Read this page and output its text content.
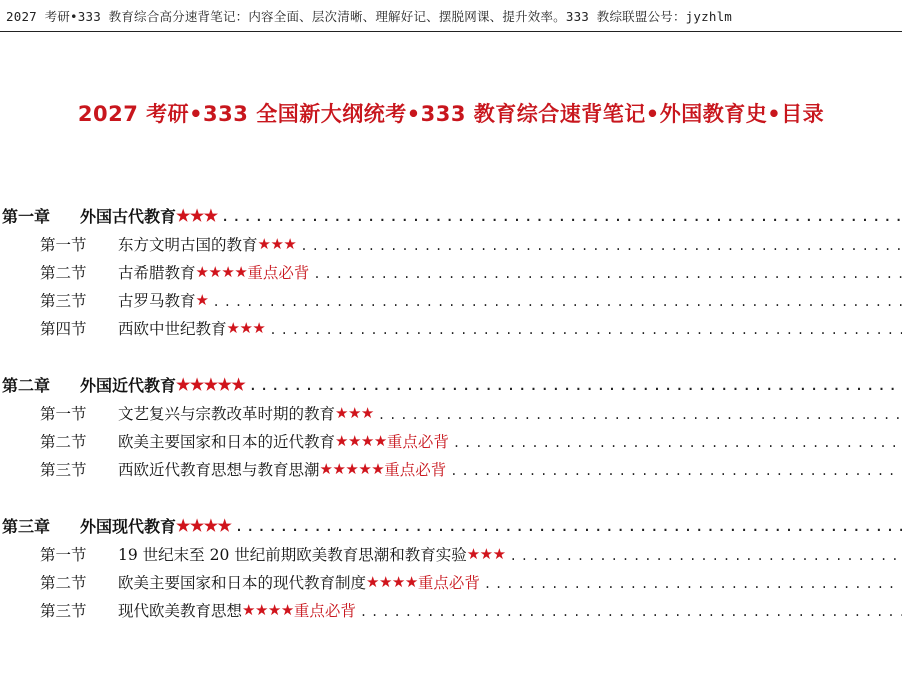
2027 考研•333 教育综合高分速背笔记：内容全面、层次清晰、理解好记、摆脱网课、提升效率。333 教综联盟公号：jyzhlm
2027 考研•333 全国新大纲统考•333 教育综合速背笔记•外国教育史•目录
第一章	外国古代教育 ★★★
.....
第一节	东方文明古国的教育 ★★★
.....
第二节	古希腊教育 ★★★★ 重点必背
.....
第三节	古罗马教育 ★
.....
第四节	西欧中世纪教育 ★★★
.....
第二章	外国近代教育 ★★★★★
.....
第一节	文艺复兴与宗教改革时期的教育 ★★★
.....
第二节	欧美主要国家和日本的近代教育 ★★★★ 重点必背
.....
第三节	西欧近代教育思想与教育思潮 ★★★★★ 重点必背
.....
第三章	外国现代教育 ★★★★
.....
第一节	19 世纪末至 20 世纪前期欧美教育思潮和教育实验 ★★★
.....
第二节	欧美主要国家和日本的现代教育制度 ★★★★ 重点必背
.....
第三节	现代欧美教育思想 ★★★★ 重点必背
.....
